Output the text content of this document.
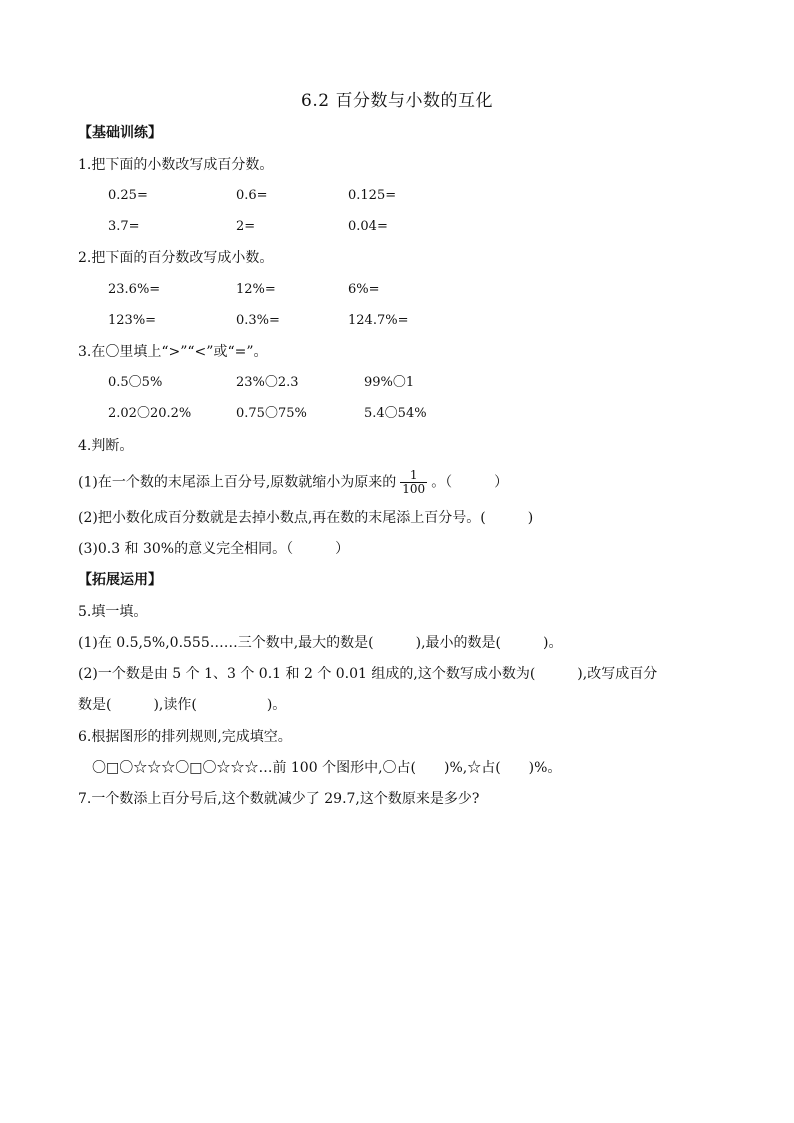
6.2 百分数与小数的互化
【基础训练】
1.把下面的小数改写成百分数。
0.25=	0.6=	0.125=
3.7=	2=	0.04=
2.把下面的百分数改写成小数。
23.6%=	12%=	6%=
123%=	0.3%=	124.7%=
3.在〇里填上“>”“<”或“=”。
0.5〇5%	23%〇2.3	99%〇1
2.02〇20.2%	0.75〇75%	5.4〇54%
4.判断。
(1)在一个数的末尾添上百分号,原数就缩小为原来的 $\frac{1}{100}$ 。（　　　）
(2)把小数化成百分数就是去掉小数点,再在数的末尾添上百分号。(　　　)
(3)0.3 和 30%的意义完全相同。（　　　）
【拓展运用】
5.填一填。
(1)在 0.5,5%,0.555……三个数中,最大的数是(　　　),最小的数是(　　　)。
(2)一个数是由 5 个 1、3 个 0.1 和 2 个 0.01 组成的,这个数写成小数为(　　　),改写成百分
数是(　　　),读作(　　　　　)。
6.根据图形的排列规则,完成填空。
〇□〇☆☆☆〇□〇☆☆☆…前 100 个图形中,〇占(　　)%,☆占(　　)%。
7.一个数添上百分号后,这个数就减少了 29.7,这个数原来是多少?
